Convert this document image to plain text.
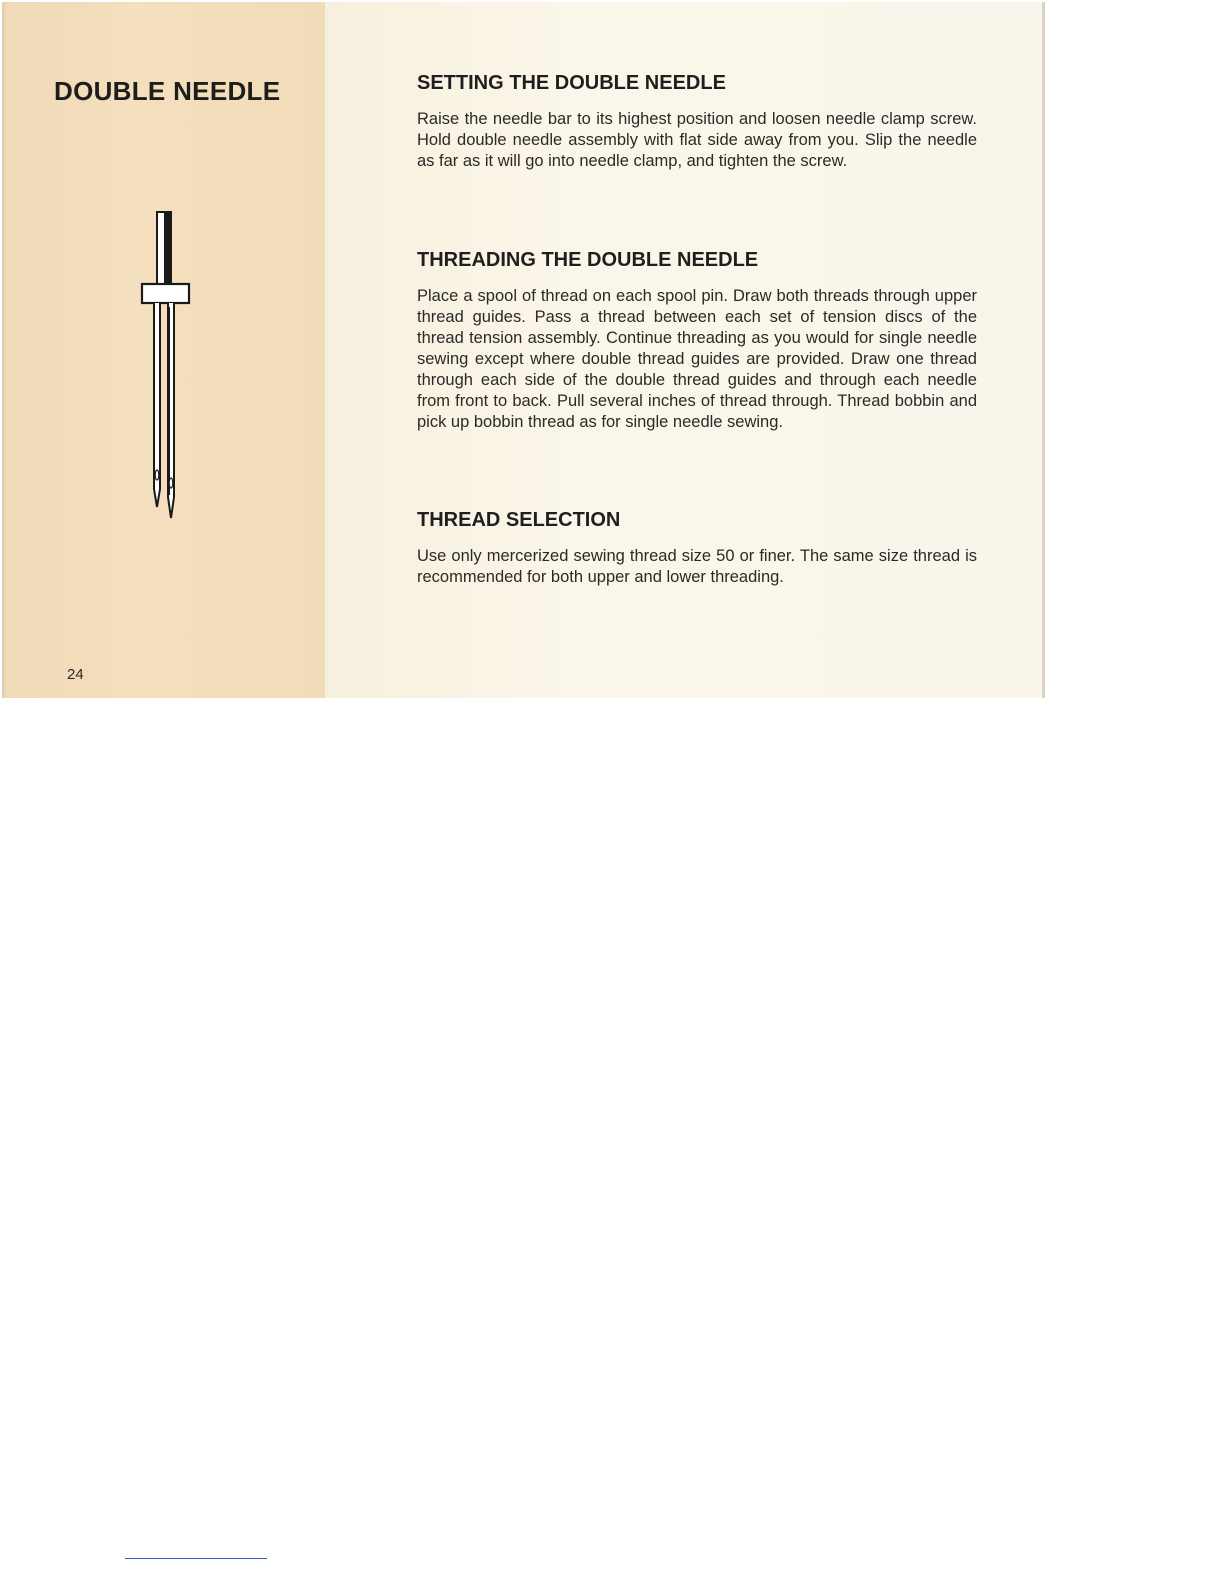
DOUBLE NEEDLE
24
SETTING THE DOUBLE NEEDLE

Raise the needle bar to its highest position and loosen needle clamp screw. Hold double needle assembly with flat side away from you. Slip the needle as far as it will go into needle clamp, and tighten the screw.

THREADING THE DOUBLE NEEDLE

Place a spool of thread on each spool pin. Draw both threads through upper thread guides. Pass a thread between each set of tension discs of the thread tension assembly. Continue threading as you would for single needle sewing except where double thread guides are provided. Draw one thread through each side of the double thread guides and through each needle from front to back. Pull several inches of thread through. Thread bobbin and pick up bobbin thread as for single needle sewing.

THREAD SELECTION

Use only mercerized sewing thread size 50 or finer. The same size thread is recommended for both upper and lower threading.
